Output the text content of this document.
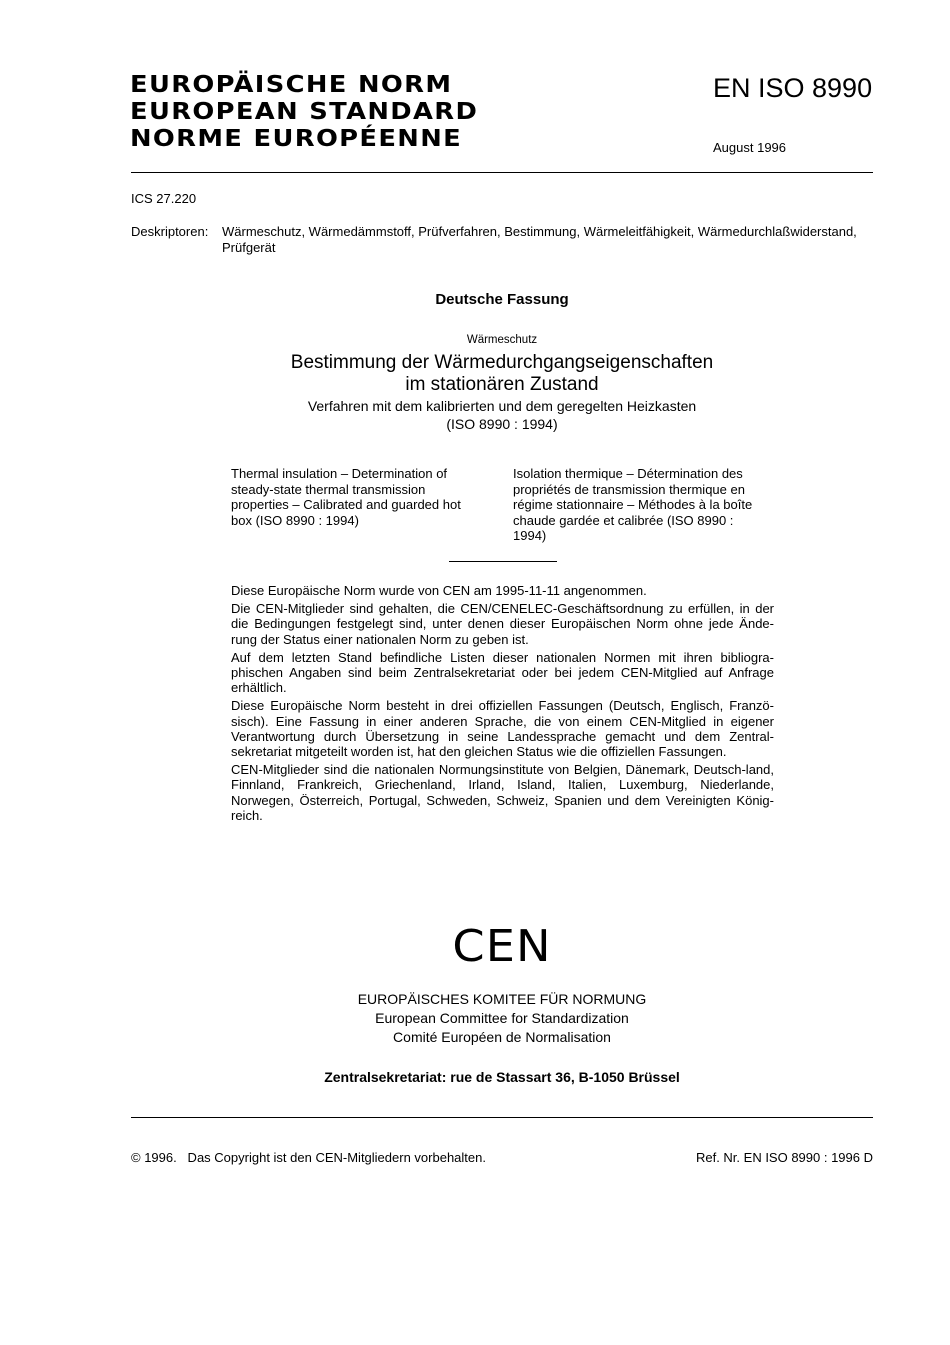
EUROPÄISCHE NORM
EUROPEAN STANDARD
NORME EUROPÉENNE
EN ISO 8990
August 1996
ICS 27.220
Deskriptoren: Wärmeschutz, Wärmedämmstoff, Prüfverfahren, Bestimmung, Wärmeleitfähigkeit, Wärmedurchlaßwiderstand, Prüfgerät
Deutsche Fassung
Wärmeschutz
Bestimmung der Wärmedurchgangseigenschaften
im stationären Zustand
Verfahren mit dem kalibrierten und dem geregelten Heizkasten
(ISO 8990 : 1994)
Thermal insulation – Determination of steady-state thermal transmission properties – Calibrated and guarded hot box (ISO 8990 : 1994)
Isolation thermique – Détermination des propriétés de transmission thermique en régime stationnaire – Méthodes à la boîte chaude gardée et calibrée (ISO 8990 : 1994)

Diese Europäische Norm wurde von CEN am 1995-11-11 angenommen.

Die CEN-Mitglieder sind gehalten, die CEN/CENELEC-Geschäftsordnung zu erfüllen, in der die Bedingungen festgelegt sind, unter denen dieser Europäischen Norm ohne jede Ände-rung der Status einer nationalen Norm zu geben ist.

Auf dem letzten Stand befindliche Listen dieser nationalen Normen mit ihren bibliogra-phischen Angaben sind beim Zentralsekretariat oder bei jedem CEN-Mitglied auf Anfrage erhältlich.

Diese Europäische Norm besteht in drei offiziellen Fassungen (Deutsch, Englisch, Franzö-sisch). Eine Fassung in einer anderen Sprache, die von einem CEN-Mitglied in eigener Verantwortung durch Übersetzung in seine Landessprache gemacht und dem Zentral-sekretariat mitgeteilt worden ist, hat den gleichen Status wie die offiziellen Fassungen.

CEN-Mitglieder sind die nationalen Normungsinstitute von Belgien, Dänemark, Deutsch-land, Finnland, Frankreich, Griechenland, Irland, Island, Italien, Luxemburg, Niederlande, Norwegen, Österreich, Portugal, Schweden, Schweiz, Spanien und dem Vereinigten König-reich.

CEN
EUROPÄISCHES KOMITEE FÜR NORMUNG
European Committee for Standardization
Comité Européen de Normalisation
Zentralsekretariat: rue de Stassart 36, B-1050 Brüssel
© 1996.   Das Copyright ist den CEN-Mitgliedern vorbehalten.	Ref. Nr. EN ISO 8990 : 1996 D
